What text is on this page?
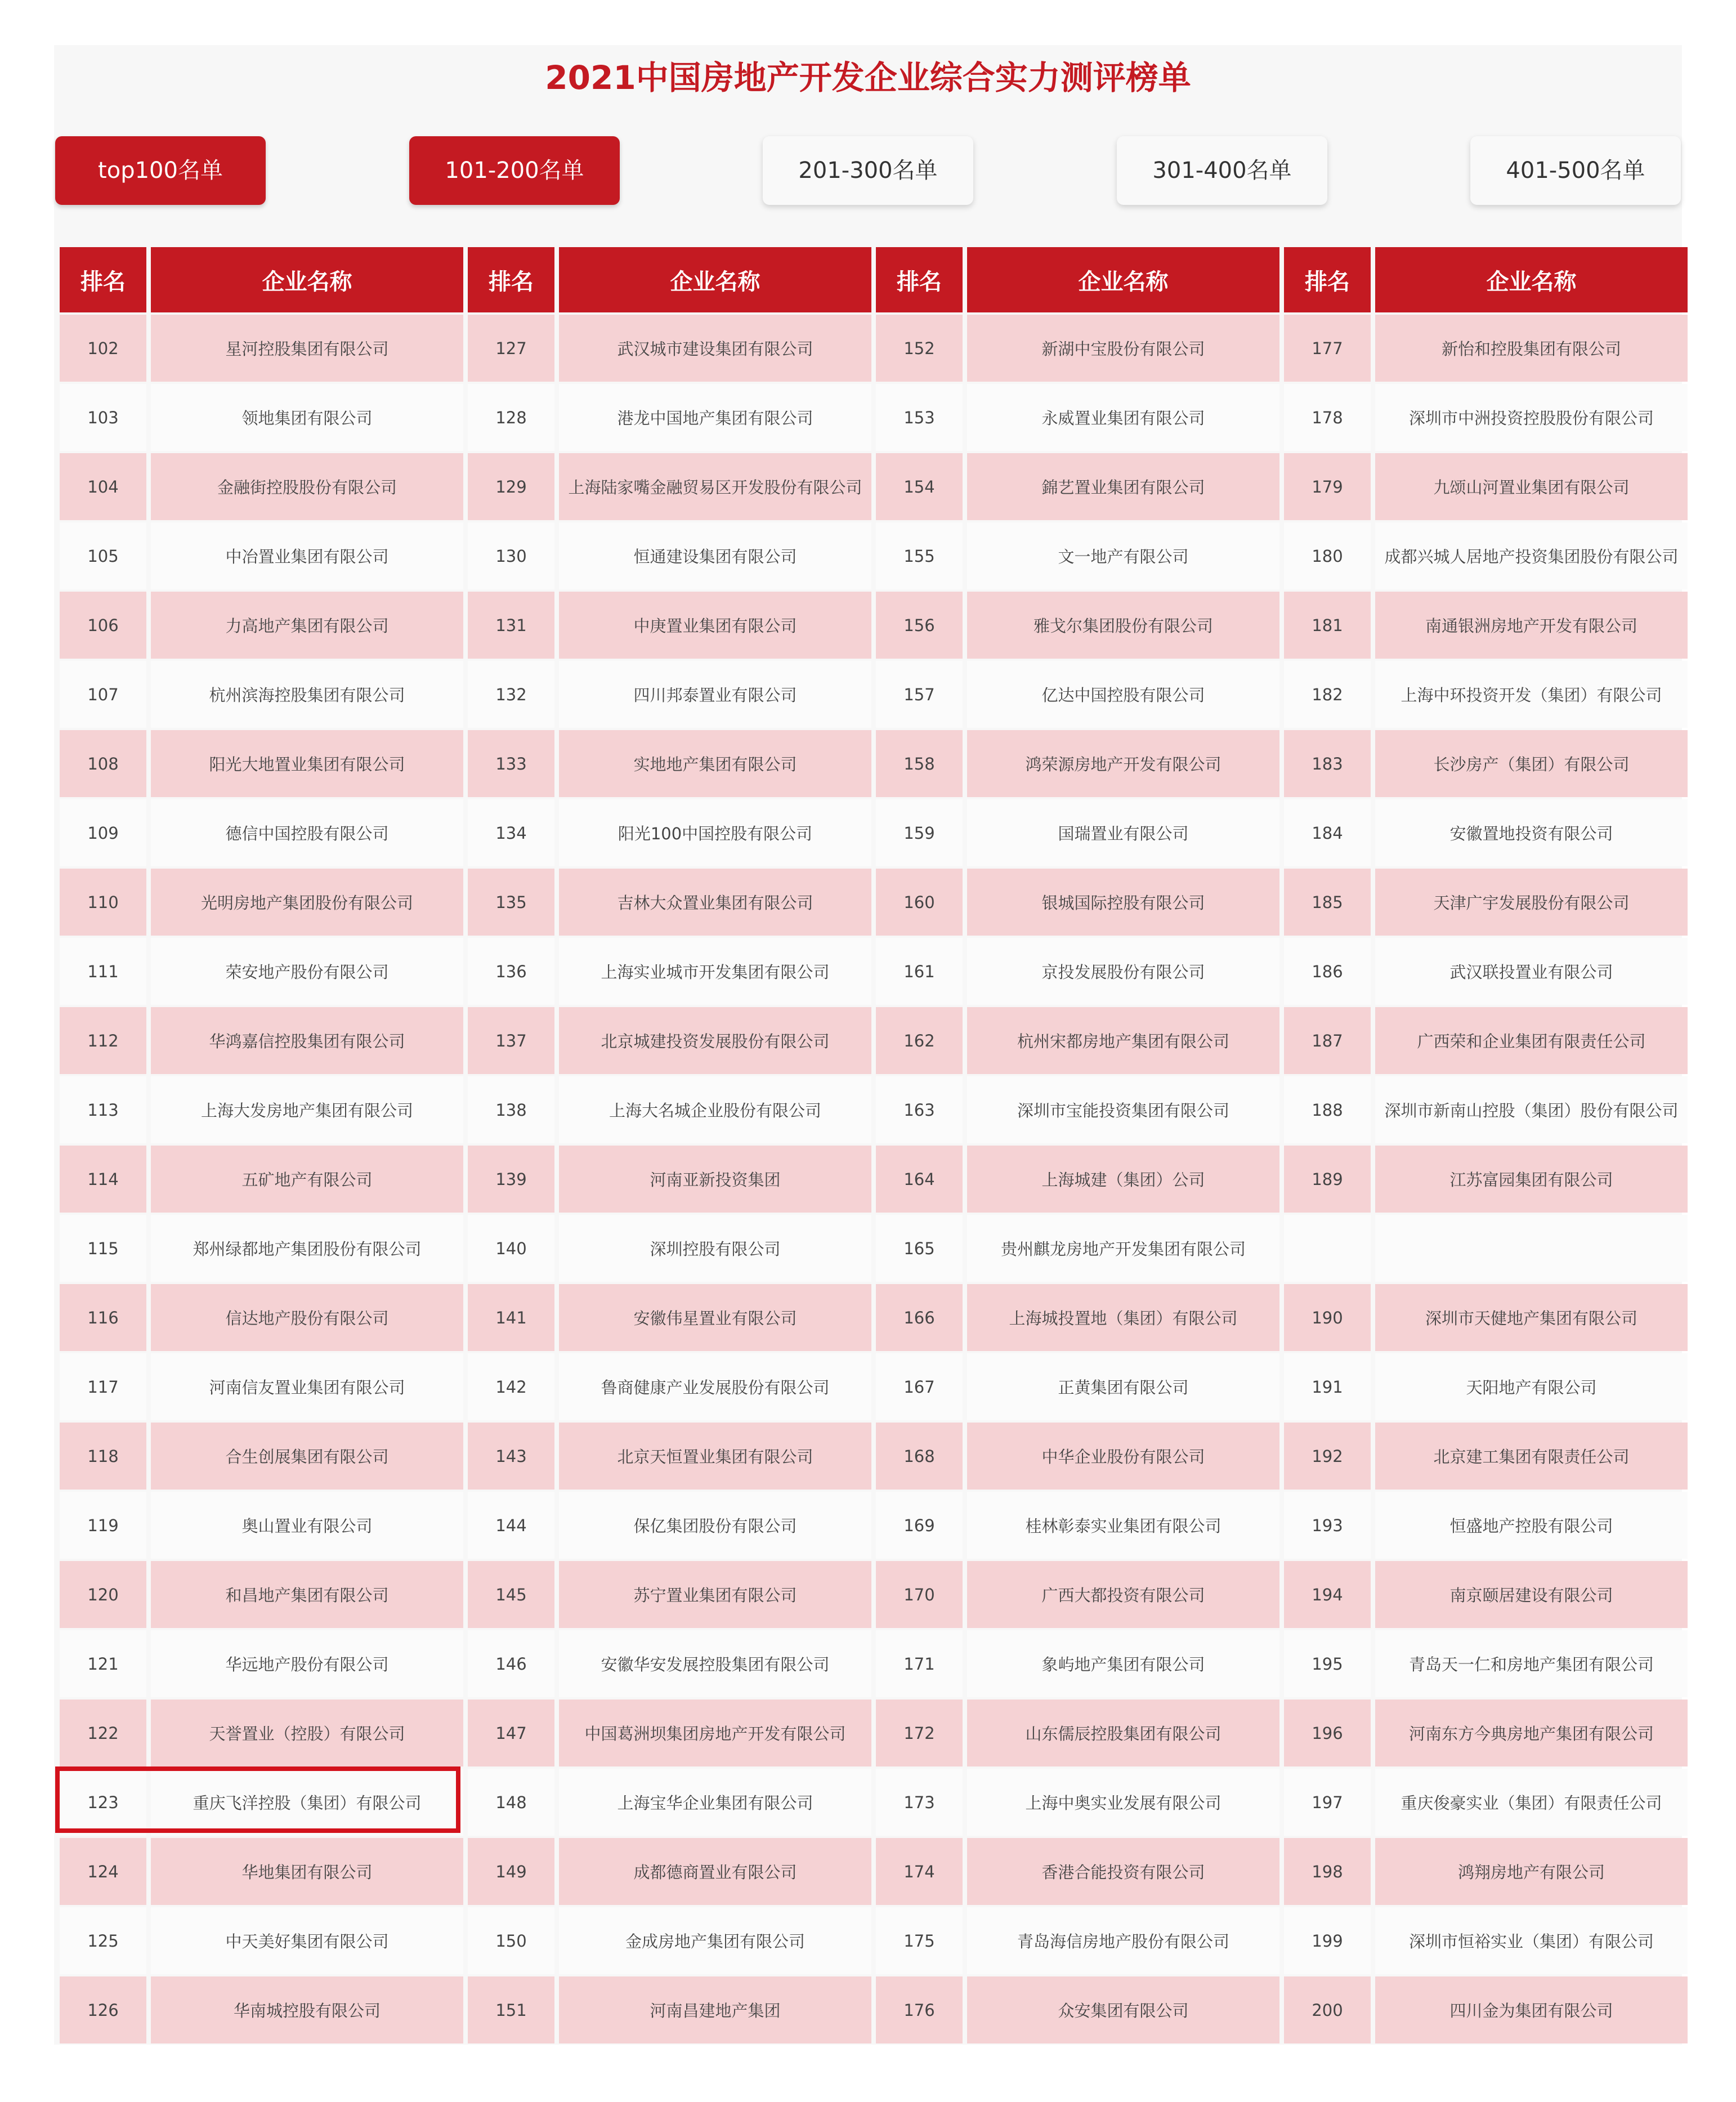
2021中国房地产开发企业综合实力测评榜单
top100名单	101-200名单	201-300名单	301-400名单	401-500名单
排名	企业名称	排名	企业名称	排名	企业名称	排名	企业名称
102	星河控股集团有限公司	127	武汉城市建设集团有限公司	152	新湖中宝股份有限公司	177	新怡和控股集团有限公司
103	领地集团有限公司	128	港龙中国地产集团有限公司	153	永威置业集团有限公司	178	深圳市中洲投资控股股份有限公司
104	金融街控股股份有限公司	129	上海陆家嘴金融贸易区开发股份有限公司	154	錦艺置业集团有限公司	179	九颂山河置业集团有限公司
105	中冶置业集团有限公司	130	恒通建设集团有限公司	155	文一地产有限公司	180	成都兴城人居地产投资集团股份有限公司
106	力高地产集团有限公司	131	中庚置业集团有限公司	156	雅戈尔集团股份有限公司	181	南通银洲房地产开发有限公司
107	杭州滨海控股集团有限公司	132	四川邦泰置业有限公司	157	亿达中国控股有限公司	182	上海中环投资开发（集团）有限公司
108	阳光大地置业集团有限公司	133	实地地产集团有限公司	158	鸿荣源房地产开发有限公司	183	长沙房产（集团）有限公司
109	德信中国控股有限公司	134	阳光100中国控股有限公司	159	国瑞置业有限公司	184	安徽置地投资有限公司
110	光明房地产集团股份有限公司	135	吉林大众置业集团有限公司	160	银城国际控股有限公司	185	天津广宇发展股份有限公司
111	荣安地产股份有限公司	136	上海实业城市开发集团有限公司	161	京投发展股份有限公司	186	武汉联投置业有限公司
112	华鸿嘉信控股集团有限公司	137	北京城建投资发展股份有限公司	162	杭州宋都房地产集团有限公司	187	广西荣和企业集团有限责任公司
113	上海大发房地产集团有限公司	138	上海大名城企业股份有限公司	163	深圳市宝能投资集团有限公司	188	深圳市新南山控股（集团）股份有限公司
114	五矿地产有限公司	139	河南亚新投资集团	164	上海城建（集团）公司	189	江苏富园集团有限公司
115	郑州绿都地产集团股份有限公司	140	深圳控股有限公司	165	贵州麒龙房地产开发集团有限公司		
116	信达地产股份有限公司	141	安徽伟星置业有限公司	166	上海城投置地（集团）有限公司	190	深圳市天健地产集团有限公司
117	河南信友置业集团有限公司	142	鲁商健康产业发展股份有限公司	167	正黄集团有限公司	191	天阳地产有限公司
118	合生创展集团有限公司	143	北京天恒置业集团有限公司	168	中华企业股份有限公司	192	北京建工集团有限责任公司
119	奥山置业有限公司	144	保亿集团股份有限公司	169	桂林彰泰实业集团有限公司	193	恒盛地产控股有限公司
120	和昌地产集团有限公司	145	苏宁置业集团有限公司	170	广西大都投资有限公司	194	南京颐居建设有限公司
121	华远地产股份有限公司	146	安徽华安发展控股集团有限公司	171	象屿地产集团有限公司	195	青岛天一仁和房地产集团有限公司
122	天誉置业（控股）有限公司	147	中国葛洲坝集团房地产开发有限公司	172	山东儒辰控股集团有限公司	196	河南东方今典房地产集团有限公司
123	重庆飞洋控股（集团）有限公司	148	上海宝华企业集团有限公司	173	上海中奥实业发展有限公司	197	重庆俊豪实业（集团）有限责任公司
124	华地集团有限公司	149	成都德商置业有限公司	174	香港合能投资有限公司	198	鸿翔房地产有限公司
125	中天美好集团有限公司	150	金成房地产集团有限公司	175	青岛海信房地产股份有限公司	199	深圳市恒裕实业（集团）有限公司
126	华南城控股有限公司	151	河南昌建地产集团	176	众安集团有限公司	200	四川金为集团有限公司
